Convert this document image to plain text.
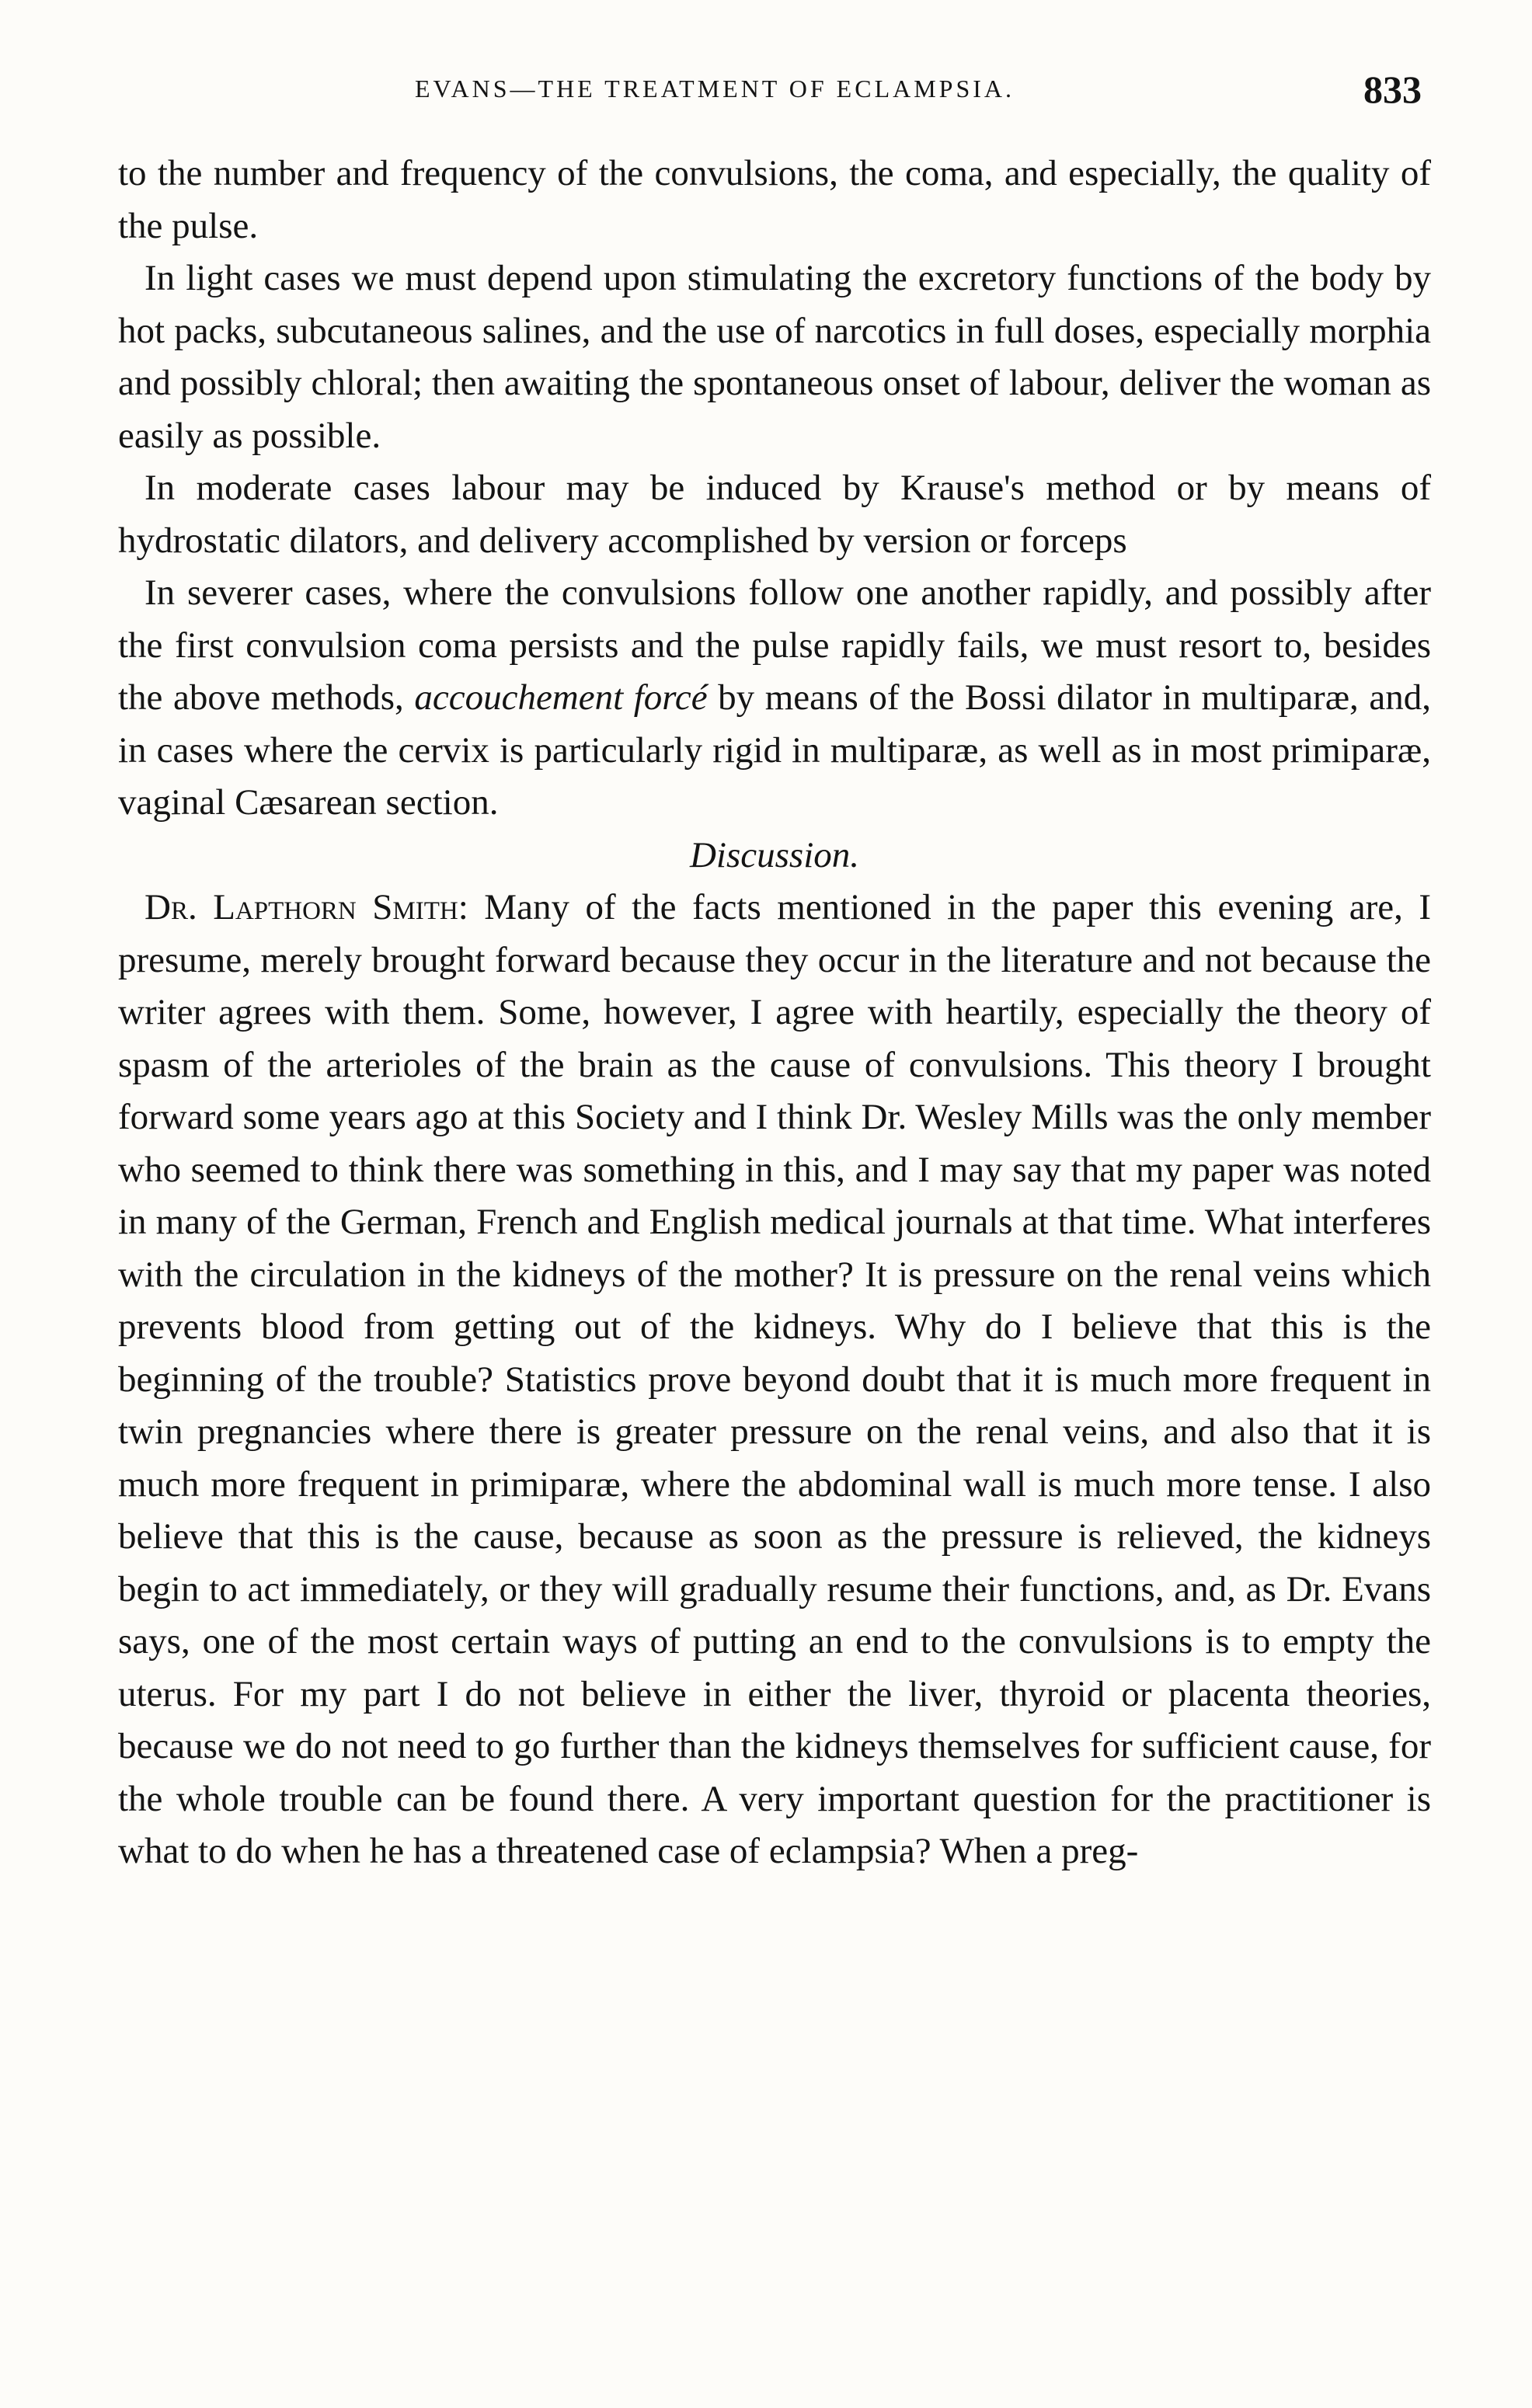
EVANS—THE TREATMENT OF ECLAMPSIA.	833

to the number and frequency of the convulsions, the coma, and especially, the quality of the pulse.

In light cases we must depend upon stimulating the excretory functions of the body by hot packs, subcutaneous salines, and the use of narcotics in full doses, especially morphia and possibly chloral; then awaiting the spontaneous onset of labour, deliver the woman as easily as possible.

In moderate cases labour may be induced by Krause's method or by means of hydrostatic dilators, and delivery accomplished by version or forceps

In severer cases, where the convulsions follow one another rapidly, and possibly after the first convulsion coma persists and the pulse rapidly fails, we must resort to, besides the above methods, accouchement forcé by means of the Bossi dilator in multiparæ, and, in cases where the cervix is particularly rigid in multiparæ, as well as in most primiparæ, vaginal Cæsarean section.

Discussion.

Dr. Lapthorn Smith: Many of the facts mentioned in the paper this evening are, I presume, merely brought forward because they occur in the literature and not because the writer agrees with them. Some, however, I agree with heartily, especially the theory of spasm of the arterioles of the brain as the cause of convulsions. This theory I brought forward some years ago at this Society and I think Dr. Wesley Mills was the only member who seemed to think there was something in this, and I may say that my paper was noted in many of the German, French and English medical journals at that time. What interferes with the circulation in the kidneys of the mother? It is pressure on the renal veins which prevents blood from getting out of the kidneys. Why do I believe that this is the beginning of the trouble? Statistics prove beyond doubt that it is much more frequent in twin pregnancies where there is greater pressure on the renal veins, and also that it is much more frequent in primiparæ, where the abdominal wall is much more tense. I also believe that this is the cause, because as soon as the pressure is relieved, the kidneys begin to act immediately, or they will gradually resume their functions, and, as Dr. Evans says, one of the most certain ways of putting an end to the convulsions is to empty the uterus. For my part I do not believe in either the liver, thyroid or placenta theories, because we do not need to go further than the kidneys themselves for sufficient cause, for the whole trouble can be found there. A very important question for the practitioner is what to do when he has a threatened case of eclampsia? When a preg-
